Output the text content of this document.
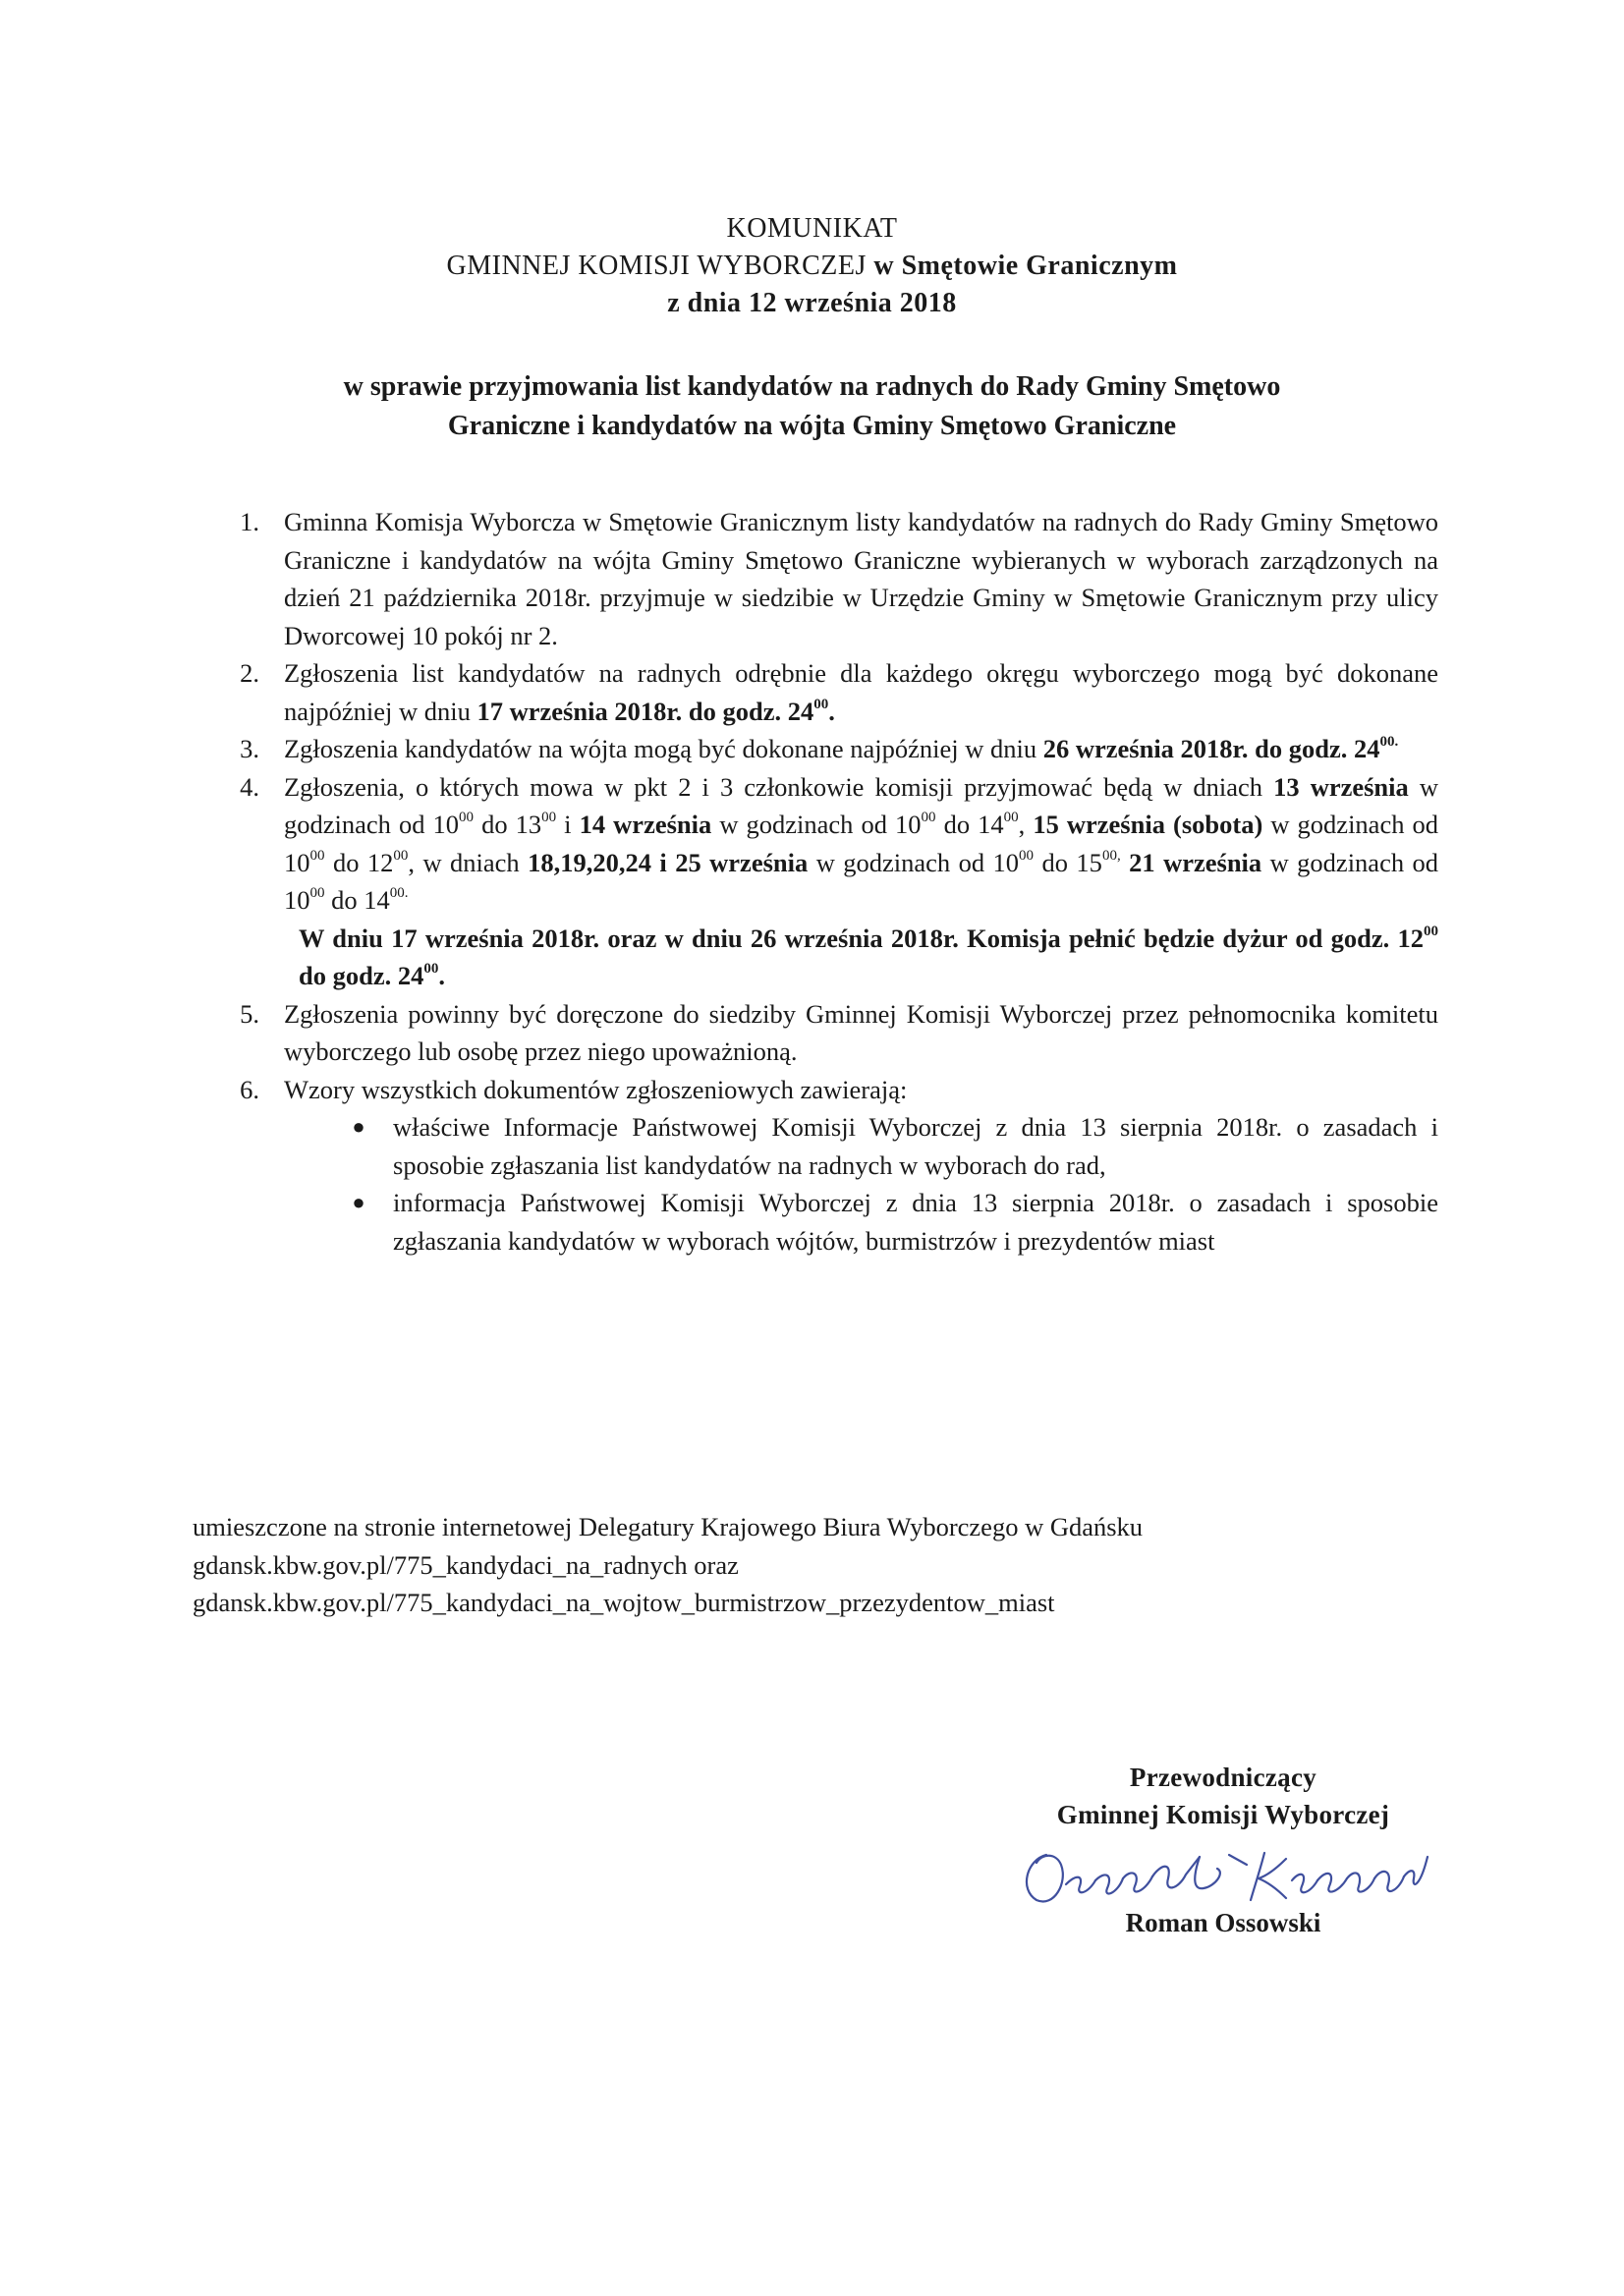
KOMUNIKAT
GMINNEJ KOMISJI WYBORCZEJ w Smętowie Granicznym
z dnia 12 września 2018
w sprawie przyjmowania list kandydatów na radnych do Rady Gminy Smętowo
Graniczne i kandydatów na wójta Gminy Smętowo Graniczne
1. Gminna Komisja Wyborcza w Smętowie Granicznym listy kandydatów na radnych do Rady Gminy Smętowo Graniczne i kandydatów na wójta Gminy Smętowo Graniczne wybieranych w wyborach zarządzonych na dzień 21 października 2018r. przyjmuje w siedzibie w Urzędzie Gminy w Smętowie Granicznym przy ulicy Dworcowej 10 pokój nr 2.
2. Zgłoszenia list kandydatów na radnych odrębnie dla każdego okręgu wyborczego mogą być dokonane najpóźniej w dniu 17 września 2018r. do godz. $24^{00}$.
3. Zgłoszenia kandydatów na wójta mogą być dokonane najpóźniej w dniu 26 września 2018r. do godz. $24^{00.}$
4. Zgłoszenia, o których mowa w pkt 2 i 3 członkowie komisji przyjmować będą w dniach 13 września w godzinach od $10^{00}$ do $13^{00}$ i 14 września w godzinach od $10^{00}$ do $14^{00}$, 15 września (sobota) w godzinach od $10^{00}$ do $12^{00}$, w dniach 18,19,20,24 i 25 września w godzinach od $10^{00}$ do $15^{00,}$ 21 września w godzinach od $10^{00}$ do $14^{00.}$
W dniu 17 września 2018r. oraz w dniu 26 września 2018r. Komisja pełnić będzie dyżur od godz. $12^{00}$ do godz. $24^{00}$.
5. Zgłoszenia powinny być doręczone do siedziby Gminnej Komisji Wyborczej przez pełnomocnika komitetu wyborczego lub osobę przez niego upoważnioną.
6. Wzory wszystkich dokumentów zgłoszeniowych zawierają:
●	właściwe Informacje Państwowej Komisji Wyborczej z dnia 13 sierpnia 2018r. o zasadach i sposobie zgłaszania list kandydatów na radnych w wyborach do rad,
●	informacja Państwowej Komisji Wyborczej z dnia 13 sierpnia 2018r. o zasadach i sposobie zgłaszania kandydatów w wyborach wójtów, burmistrzów i prezydentów miast
umieszczone na stronie internetowej Delegatury Krajowego Biura Wyborczego w Gdańsku
gdansk.kbw.gov.pl/775_kandydaci_na_radnych oraz
gdansk.kbw.gov.pl/775_kandydaci_na_wojtow_burmistrzow_przezydentow_miast
Przewodniczący
Gminnej Komisji Wyborczej
Roman Ossowski
